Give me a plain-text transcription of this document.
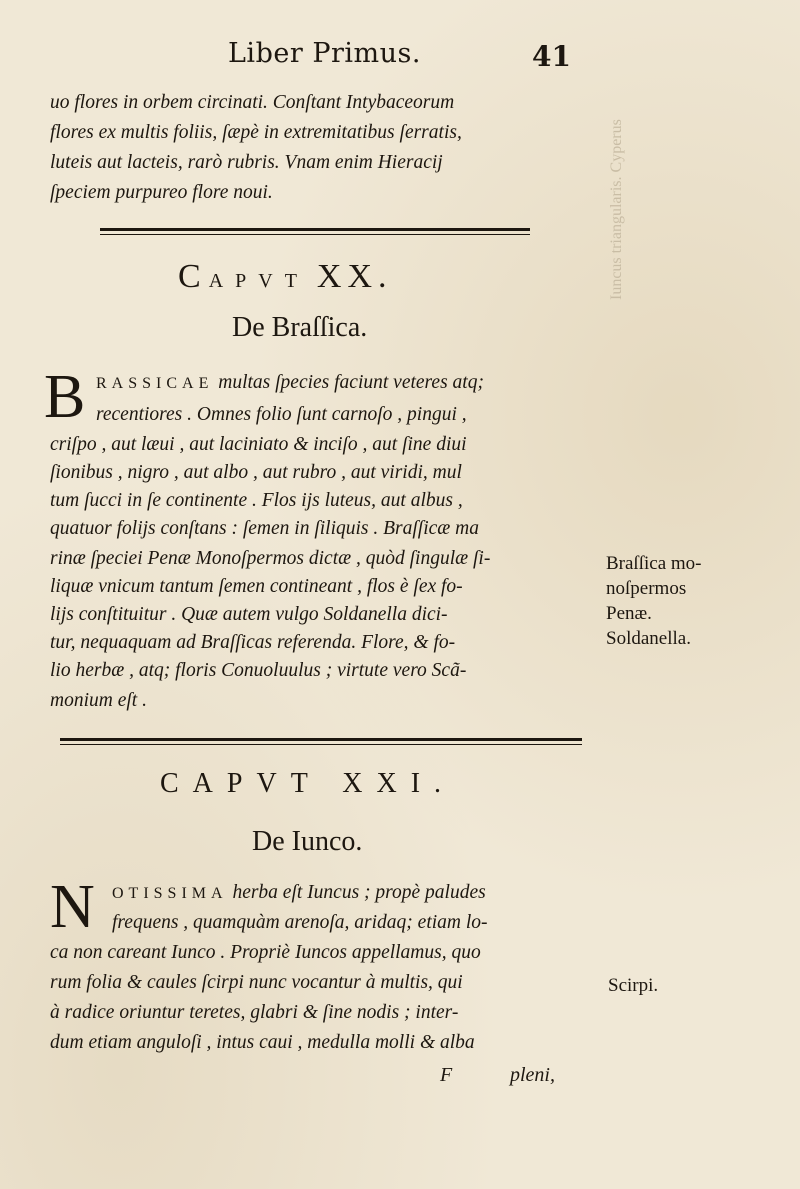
Iuncus triangularis. Cyperus
Liber Primus.	41
uo flores in orbem circinati. Conſtant Intybaceorum
flores ex multis foliis, ſæpè in extremitatibus ſerratis,
luteis aut lacteis, rarò rubris. Vnam enim Hieracij
ſpeciem purpureo flore noui.
CAPVT XX.
De Braſſica.
B RASSICAE multas ſpecies faciunt veteres atq;
recentiores . Omnes folio ſunt carnoſo , pingui ,
criſpo , aut læui , aut laciniato & inciſo , aut ſine diui
ſionibus , nigro , aut albo , aut rubro , aut viridi, mul
tum ſucci in ſe continente . Flos ijs luteus, aut albus ,
quatuor folijs conſtans : ſemen in ſiliquis . Braſſicæ ma
rinæ ſpeciei Penæ Monoſpermos dictæ , quòd ſingulæ ſi-
liquæ vnicum tantum ſemen contineant , flos è ſex fo-
lijs conſtituitur . Quæ autem vulgo Soldanella dici-
tur, nequaquam ad Braſſicas referenda. Flore, & fo-
lio herbæ , atq; floris Conuoluulus ; virtute vero Scã-
monium eſt .
Braſſica mo-
noſpermos
Penæ.
Soldanella.
CAPVT XXI.
De Iunco.
N OTISSIMA herba eſt Iuncus ; propè paludes
frequens , quamquàm arenoſa, aridaq; etiam lo-
ca non careant Iunco . Propriè Iuncos appellamus, quo
rum folia & caules ſcirpi nunc vocantur à multis, qui
à radice oriuntur teretes, glabri & ſine nodis ; inter-
dum etiam anguloſi , intus caui , medulla molli & alba
Scirpi.
F	pleni,
